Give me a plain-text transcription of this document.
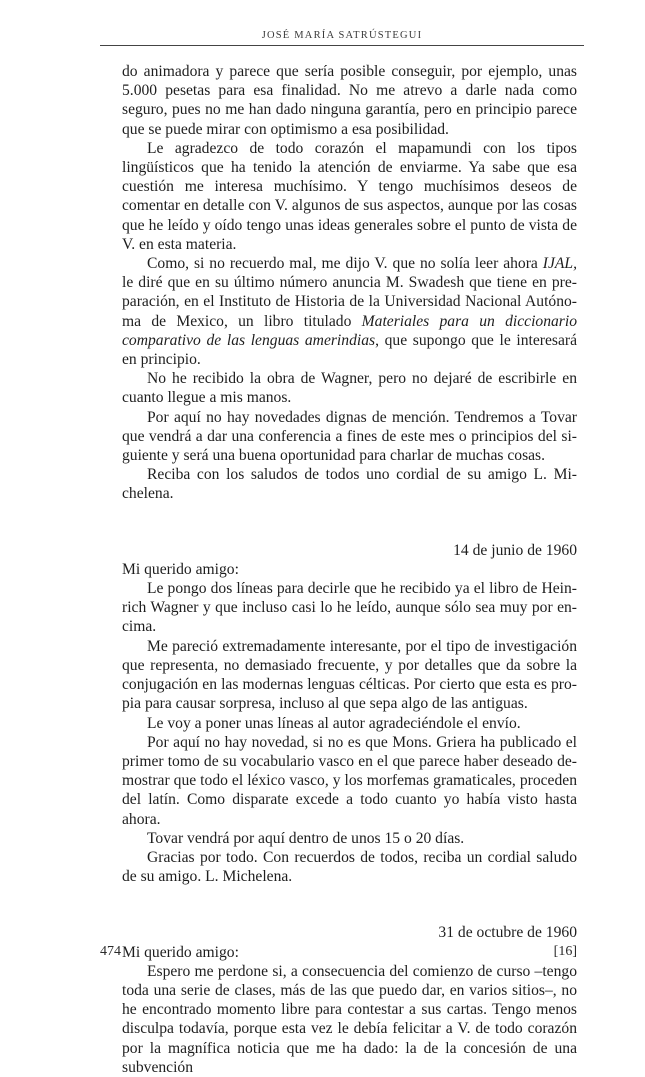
JOSÉ MARÍA SATRÚSTEGUI

do animadora y parece que sería posible conseguir, por ejemplo, unas 5.000 pesetas para esa finalidad. No me atrevo a darle nada como seguro, pues no me han dado ninguna garantía, pero en principio parece que se puede mirar con optimismo a esa posibilidad.

Le agradezco de todo corazón el mapamundi con los tipos lingüísticos que ha tenido la atención de enviarme. Ya sabe que esa cuestión me interesa muchísimo. Y tengo muchísimos deseos de comentar en detalle con V. algunos de sus aspectos, aunque por las cosas que he leído y oído tengo unas ideas generales sobre el punto de vista de V. en esta materia.

Como, si no recuerdo mal, me dijo V. que no solía leer ahora IJAL, le diré que en su último número anuncia M. Swadesh que tiene en preparación, en el Instituto de Historia de la Universidad Nacional Autónoma de Mexico, un libro titulado Materiales para un diccionario comparativo de las lenguas amerindias, que supongo que le interesará en principio.

No he recibido la obra de Wagner, pero no dejaré de escribirle en cuanto llegue a mis manos.

Por aquí no hay novedades dignas de mención. Tendremos a Tovar que vendrá a dar una conferencia a fines de este mes o principios del siguiente y será una buena oportunidad para charlar de muchas cosas.

Reciba con los saludos de todos uno cordial de su amigo L. Michelena.

14 de junio de 1960

Mi querido amigo:

Le pongo dos líneas para decirle que he recibido ya el libro de Heinrich Wagner y que incluso casi lo he leído, aunque sólo sea muy por encima.

Me pareció extremadamente interesante, por el tipo de investigación que representa, no demasiado frecuente, y por detalles que da sobre la conjugación en las modernas lenguas célticas. Por cierto que esta es propia para causar sorpresa, incluso al que sepa algo de las antiguas.

Le voy a poner unas líneas al autor agradeciéndole el envío.

Por aquí no hay novedad, si no es que Mons. Griera ha publicado el primer tomo de su vocabulario vasco en el que parece haber deseado demostrar que todo el léxico vasco, y los morfemas gramaticales, proceden del latín. Como disparate excede a todo cuanto yo había visto hasta ahora.

Tovar vendrá por aquí dentro de unos 15 o 20 días.

Gracias por todo. Con recuerdos de todos, reciba un cordial saludo de su amigo. L. Michelena.

31 de octubre de 1960

Mi querido amigo:

Espero me perdone si, a consecuencia del comienzo de curso –tengo toda una serie de clases, más de las que puedo dar, en varios sitios–, no he encontrado momento libre para contestar a sus cartas. Tengo menos disculpa todavía, porque esta vez le debía felicitar a V. de todo corazón por la magnífica noticia que me ha dado: la de la concesión de una subvención

474	[16]
